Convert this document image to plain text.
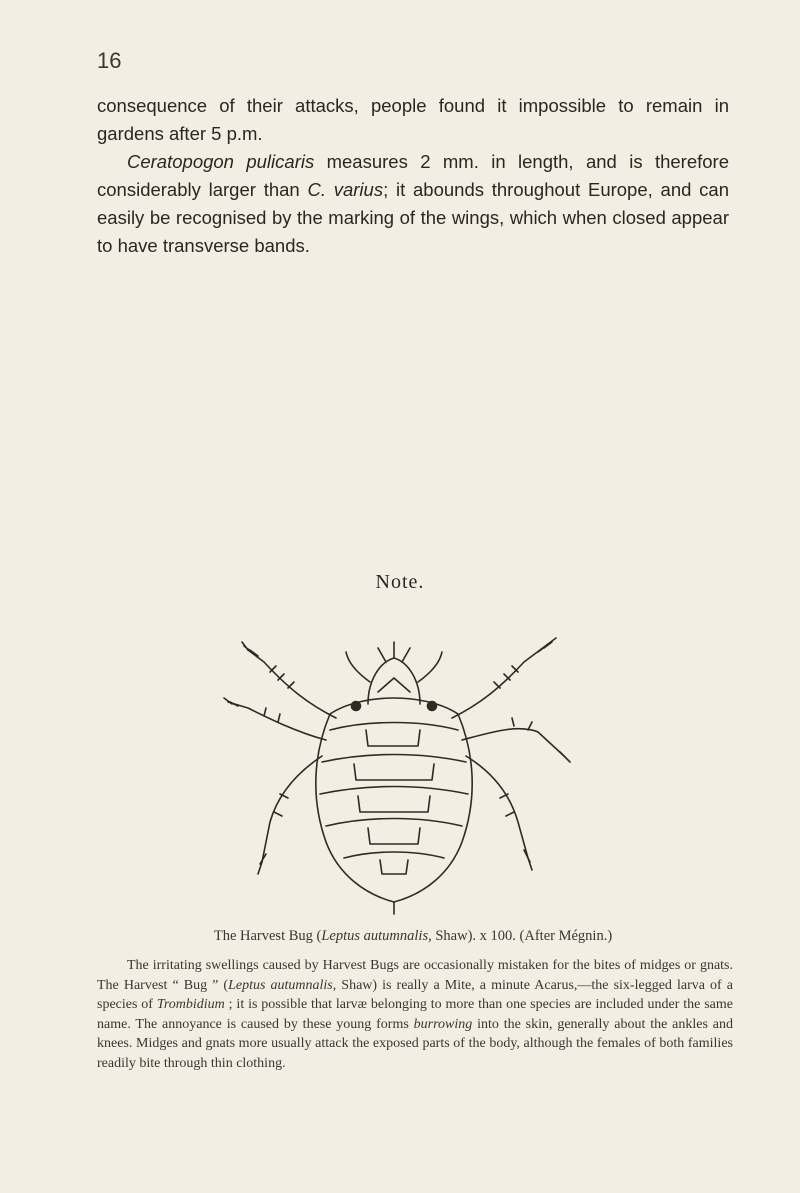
16

consequence of their attacks, people found it impossible to remain in gardens after 5 p.m.

Ceratopogon pulicaris measures 2 mm. in length, and is therefore considerably larger than C. varius; it abounds throughout Europe, and can easily be recognised by the marking of the wings, which when closed appear to have transverse bands.

Note.
The Harvest Bug (Leptus autumnalis, Shaw). x 100. (After Mégnin.)

The irritating swellings caused by Harvest Bugs are occasionally mistaken for the bites of midges or gnats. The Harvest “ Bug ” (Leptus autumnalis, Shaw) is really a Mite, a minute Acarus,—the six-legged larva of a species of Trombidium ; it is possible that larvæ belonging to more than one species are included under the same name. The annoyance is caused by these young forms burrowing into the skin, generally about the ankles and knees. Midges and gnats more usually attack the exposed parts of the body, although the females of both families readily bite through thin clothing.
